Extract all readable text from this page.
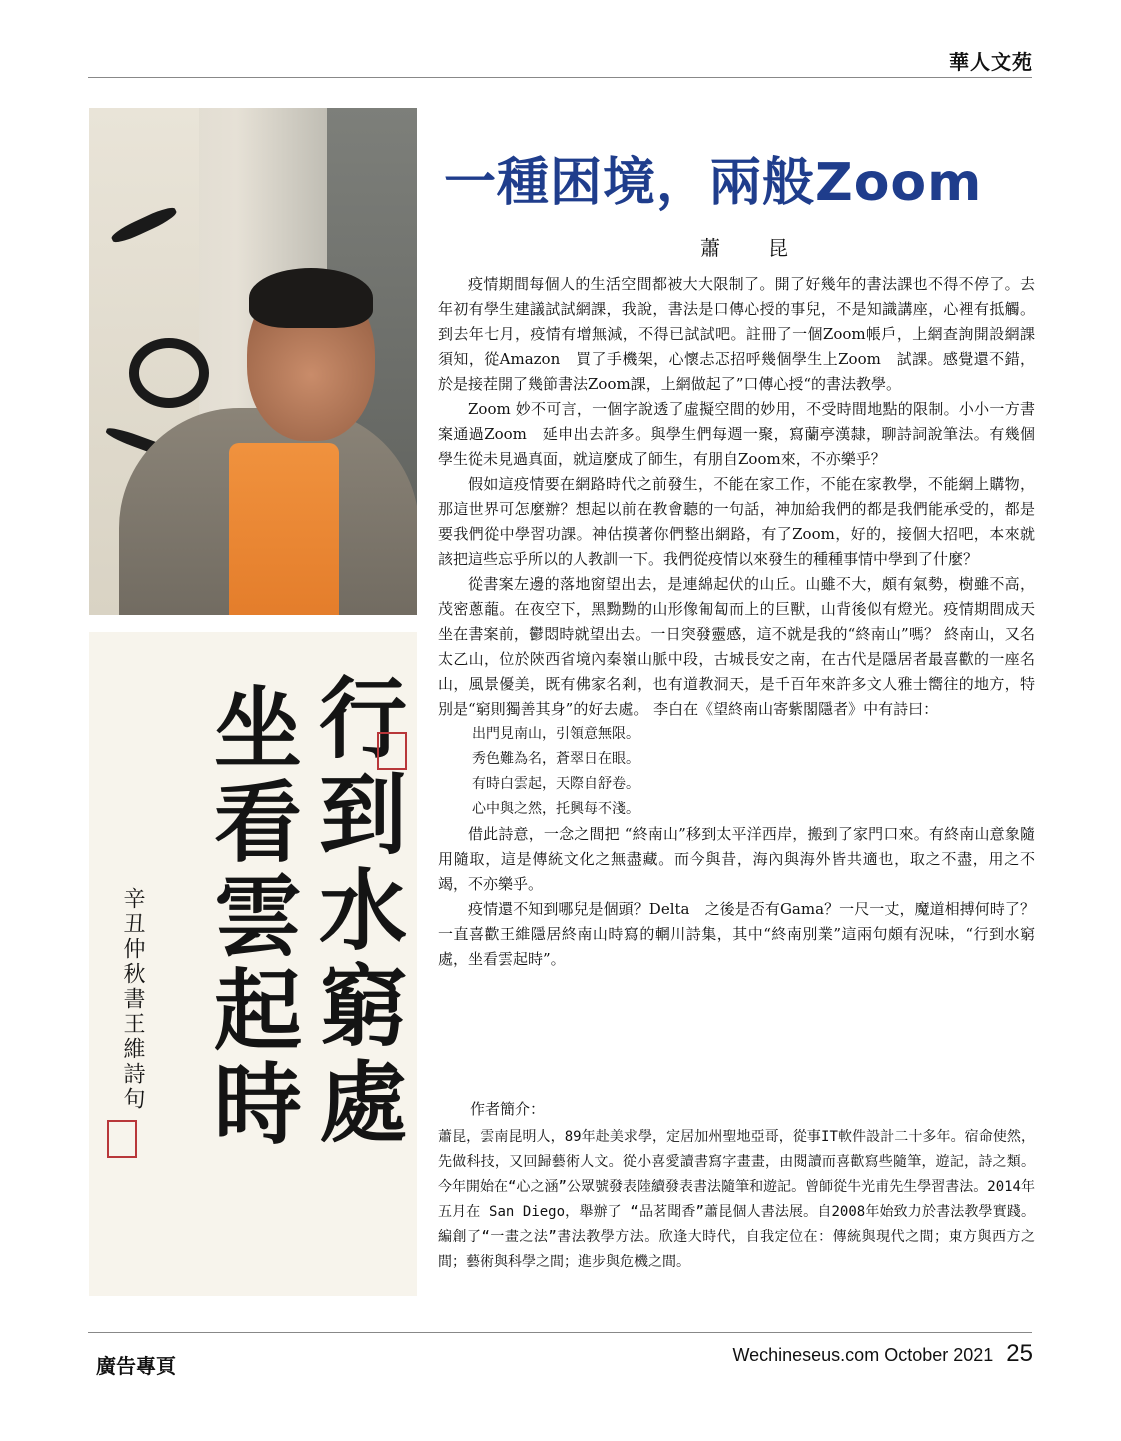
華人文苑
行到水窮處
坐看雲起時
辛丑仲秋書王維詩句
一種困境，兩般Zoom
蕭　昆

疫情期間每個人的生活空間都被大大限制了。開了好幾年的書法課也不得不停了。去年初有學生建議試試網課，我說，書法是口傳心授的事兒，不是知識講座，心裡有抵觸。 到去年七月，疫情有增無減，不得已試試吧。註冊了一個Zoom帳戶，上網查詢開設網課須知，從Amazon　買了手機架，心懷忐忑招呼幾個學生上Zoom　試課。感覺還不錯，於是接茬開了幾節書法Zoom課，上網做起了”口傳心授“的書法教學。

Zoom 妙不可言，一個字說透了虛擬空間的妙用，不受時間地點的限制。小小一方書案通過Zoom　延申出去許多。與學生們每週一聚，寫蘭亭漢隸，聊詩詞說筆法。有幾個學生從未見過真面，就這麼成了師生，有朋自Zoom來，不亦樂乎？

假如這疫情要在網路時代之前發生，不能在家工作，不能在家教學，不能網上購物，那這世界可怎麼辦？想起以前在教會聽的一句話，神加給我們的都是我們能承受的，都是要我們從中學習功課。神估摸著你們整出網路，有了Zoom，好的，接個大招吧，本來就該把這些忘乎所以的人教訓一下。我們從疫情以來發生的種種事情中學到了什麼？

從書案左邊的落地窗望出去，是連綿起伏的山丘。山雖不大，頗有氣勢，樹雖不高，茂密蔥蘢。在夜空下，黑黝黝的山形像匍匐而上的巨獸，山背後似有燈光。疫情期間成天坐在書案前，鬱悶時就望出去。一日突發靈感，這不就是我的“終南山”嗎？ 終南山，又名太乙山，位於陝西省境內秦嶺山脈中段，古城長安之南，在古代是隱居者最喜歡的一座名山，風景優美，既有佛家名剎，也有道教洞天，是千百年來許多文人雅士嚮往的地方，特別是“窮則獨善其身”的好去處。 李白在《望終南山寄紫閣隱者》中有詩曰：

出門見南山，引領意無限。

秀色難為名，蒼翠日在眼。

有時白雲起，天際自舒卷。

心中與之然，托興每不淺。

借此詩意，一念之間把 “終南山”移到太平洋西岸，搬到了家門口來。有終南山意象隨用隨取，這是傳統文化之無盡藏。而今與昔，海內與海外皆共適也，取之不盡，用之不竭，不亦樂乎。

疫情還不知到哪兒是個頭？Delta　之後是否有Gama？一尺一丈，魔道相搏何時了？ 一直喜歡王維隱居終南山時寫的輞川詩集，其中“終南別業”這兩句頗有況味，“行到水窮處，坐看雲起時”。

作者簡介：
蕭昆，雲南昆明人，89年赴美求學，定居加州聖地亞哥，從事IT軟件設計二十多年。宿命使然，先做科技，又回歸藝術人文。從小喜愛讀書寫字畫畫，由閱讀而喜歡寫些隨筆，遊記，詩之類。今年開始在“心之涵”公眾號發表陸續發表書法隨筆和遊記。曾師從牛光甫先生學習書法。2014年五月在 San Diego，舉辦了 “品茗聞香”蕭昆個人書法展。自2008年始致力於書法教學實踐。編創了“一畫之法”書法教學方法。欣逢大時代，自我定位在：傳統與現代之間；東方與西方之間；藝術與科學之間；進步與危機之間。
廣告專頁	Wechineseus.com October 2021 25
